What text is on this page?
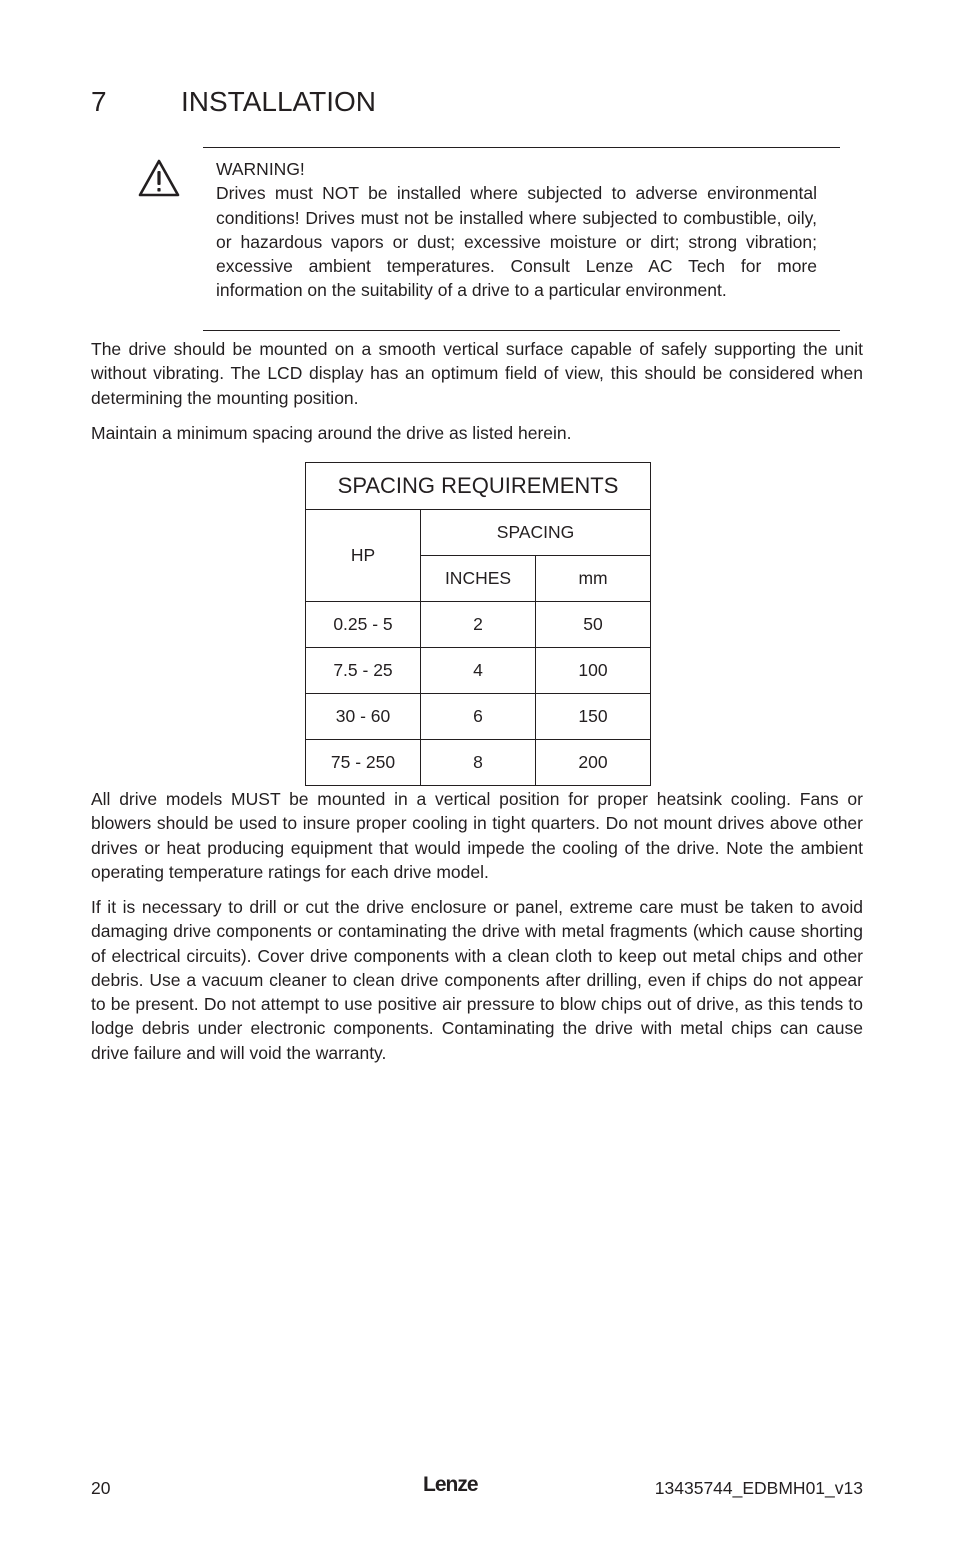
7	INSTALLATION
WARNING!
Drives must NOT be installed where subjected to adverse environmental conditions! Drives must not be installed where subjected to combustible, oily, or hazardous vapors or dust; excessive moisture or dirt; strong vibration; excessive ambient temperatures. Consult Lenze AC Tech for more information on the suitability of a drive to a particular environment.

The drive should be mounted on a smooth vertical surface capable of safely supporting the unit without vibrating. The LCD display has an optimum ﬁeld of view, this should be considered when determining the mounting position.

Maintain a minimum spacing around the drive as listed herein.

SPACING REQUIREMENTS		
HP	SPACING	
	INCHES	mm
0.25 - 5	2	50
7.5 - 25	4	100
30 - 60	6	150
75 - 250	8	200

All drive models MUST be mounted in a vertical position for proper heatsink cooling. Fans or blowers should be used to insure proper cooling in tight quarters. Do not mount drives above other drives or heat producing equipment that would impede the cooling of the drive. Note the ambient operating temperature ratings for each drive model.

If it is necessary to drill or cut the drive enclosure or panel, extreme care must be taken to avoid damaging drive components or contaminating the drive with metal fragments (which cause shorting of electrical circuits). Cover drive components with a clean cloth to keep out metal chips and other debris. Use a vacuum cleaner to clean drive components after drilling, even if chips do not appear to be present. Do not attempt to use positive air pressure to blow chips out of drive, as this tends to lodge debris under electronic components. Contaminating the drive with metal chips can cause drive failure and will void the warranty.

20	Lenze	13435744_EDBMH01_v13
